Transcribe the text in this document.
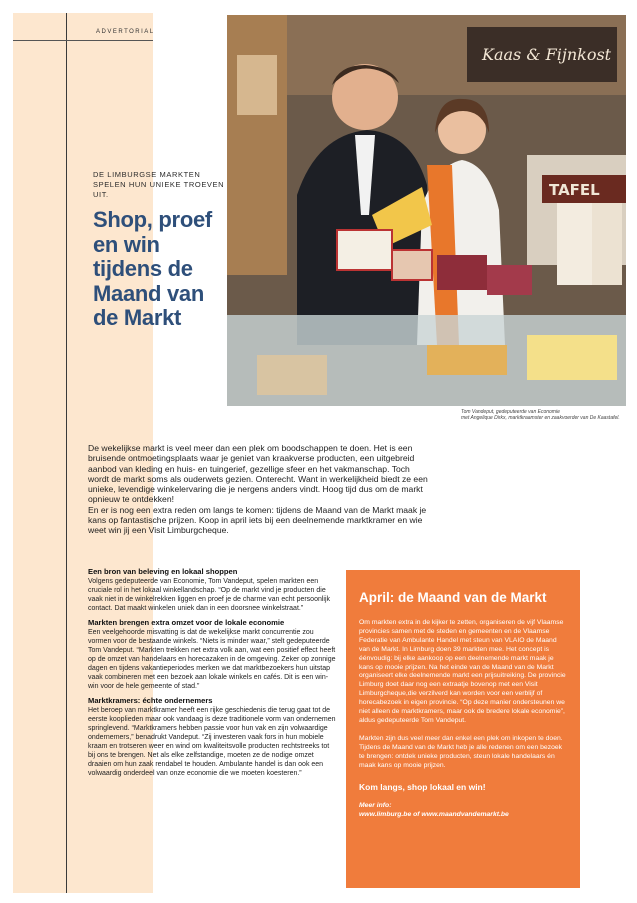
ADVERTORIAL
DE LIMBURGSE MARKTEN SPELEN HUN UNIEKE TROEVEN UIT.
Shop, proef en win tijdens de Maand van de Markt
Kaas & Fijnkost
TAFEL
Tom Vandeput, gedeputeerde van Economie
met Angelique Dirkx, marktkraamster en zaakvoerder van De Kaastafel.

De wekelijkse markt is veel meer dan een plek om boodschappen te doen. Het is een bruisende ontmoetingsplaats waar je geniet van kraakverse producten, een uitgebreid aanbod van kleding en huis- en tuingerief, gezellige sfeer en het vakmanschap. Toch wordt de markt soms als ouderwets gezien. Onterecht. Want in werkelijkheid biedt ze een unieke, levendige winkelervaring die je nergens anders vindt. Hoog tijd dus om de markt opnieuw te ontdekken!

En er is nog een extra reden om langs te komen: tijdens de Maand van de Markt maak je kans op fantastische prijzen. Koop in april iets bij een deelnemende marktkramer en wie weet win jij een Visit Limburgcheque.

Een bron van beleving en lokaal shoppen

Volgens gedeputeerde van Economie, Tom Vandeput, spelen markten een cruciale rol in het lokaal winkellandschap. “Op de markt vind je producten die vaak niet in de winkelrekken liggen en proef je de charme van echt persoonlijk contact. Dat maakt winkelen uniek dan in een doorsnee winkelstraat.”

Markten brengen extra omzet voor de lokale economie

Een veelgehoorde misvatting is dat de wekelijkse markt concurrentie zou vormen voor de bestaande winkels. “Niets is minder waar,” stelt gedeputeerde Tom Vandeput. “Markten trekken net extra volk aan, wat een positief effect heeft op de omzet van handelaars en horecazaken in de omgeving. Zeker op zonnige dagen en tijdens vakantieperiodes merken we dat marktbezoekers hun uitstap vaak combineren met een bezoek aan lokale winkels en cafés. Dit is een win-win voor de hele gemeente of stad.”

Marktkramers: échte ondernemers

Het beroep van marktkramer heeft een rijke geschiedenis die terug gaat tot de eerste kooplieden maar ook vandaag is deze traditionele vorm van ondernemen springlevend. “Marktkramers hebben passie voor hun vak en zijn volwaardige ondernemers,” benadrukt Vandeput. “Zij investeren vaak fors in hun mobiele kraam en trotseren weer en wind om kwaliteitsvolle producten rechtstreeks tot bij ons te brengen. Net als elke zelfstandige, moeten ze de nodige omzet draaien om hun zaak rendabel te houden. Ambulante handel is dan ook een volwaardig onderdeel van onze economie die we moeten koesteren.”

April: de Maand van de Markt

Om markten extra in de kijker te zetten, organiseren de vijf Vlaamse provincies samen met de steden en gemeenten en de Vlaamse Federatie van Ambulante Handel met steun van VLAIO de Maand van de Markt. In Limburg doen 39 markten mee. Het concept is éénvoudig: bij elke aankoop op een deelnemende markt maak je kans op mooie prijzen. Na het einde van de Maand van de Markt organiseert elke deelnemende markt een prijsuitreiking. De provincie Limburg doet daar nog een extraatje bovenop met een Visit Limburgcheque,die verzilverd kan worden voor een verblijf of horecabezoek in eigen provincie. “Op deze manier ondersteunen we niet alleen de marktkramers, maar ook de bredere lokale economie”, aldus gedeputeerde Tom Vandeput.

Markten zijn dus veel meer dan enkel een plek om inkopen te doen. Tijdens de Maand van de Markt heb je alle redenen om een bezoek te brengen: ontdek unieke producten, steun lokale handelaars én maak kans op mooie prijzen.

Kom langs, shop lokaal en win!

Meer info:
www.limburg.be of www.maandvandemarkt.be
